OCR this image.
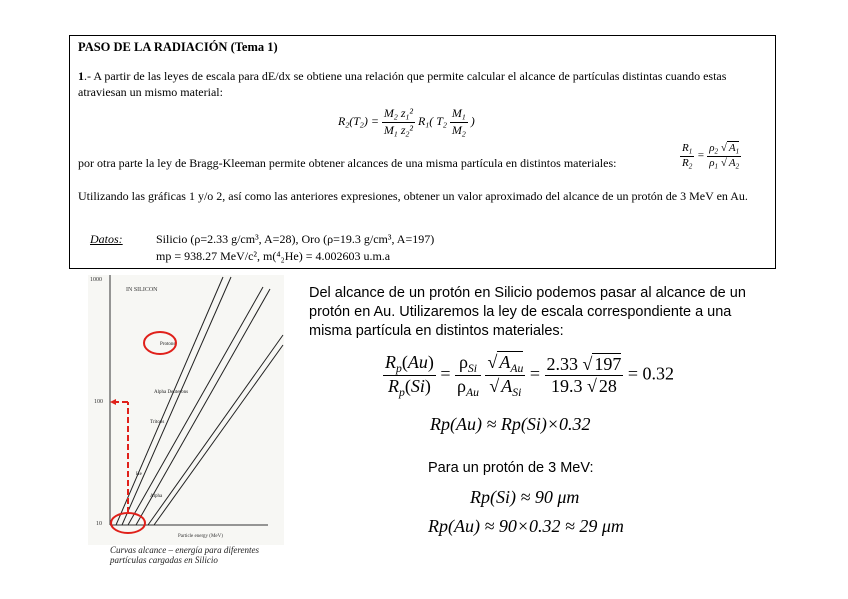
PASO DE LA RADIACIÓN (Tema 1)
1.- A partir de las leyes de escala para dE/dx se obtiene una relación que permite calcular el alcance de partículas distintas cuando estas atraviesan un mismo material:
$R_2(T_2) = \frac{M_2 z_1^2}{M_1 z_2^2} R_1$( $T_2 \frac{M_1}{M_2}$ )
por otra parte la ley de Bragg-Kleeman permite obtener alcances de una misma partícula en distintos materiales:	$\frac{R_1}{R_2} = \frac{\rho_2 √ A_1}{\rho_1 √ A_2}$
Utilizando las gráficas 1 y/o 2, así como las anteriores expresiones, obtener un valor aproximado del alcance de un protón de 3 MeV en Au.
Datos:	Silicio (ρ=2.33 g/cm³, A=28), Oro (ρ=19.3 g/cm³, A=197)
mp = 938.27 MeV/c², m(⁴₂He) = 4.002603 u.m.a
1000
100
10
IN SILICON
Particle energy (MeV)
Protons
Alpha Deuterons
Tritons
He
Alpha
Curvas alcance – energía para diferentes
partículas cargadas en Silicio
Del alcance de un protón en Silicio podemos pasar al alcance de un protón en Au. Utilizaremos la ley de escala correspondiente a una misma partícula en distintos materiales:
$\frac{R_p(Au)}{R_p(Si)} = \frac{\rho_{Si}}{\rho_{Au}}$
$\frac{√ A_{Au}}{√ A_{Si}} = \frac{2.33 √ 197}{19.3 √ 28} = 0.32$
Rp(Au) ≈ Rp(Si)×0.32
Para un protón de 3 MeV:
Rp(Si) ≈ 90 μm
Rp(Au) ≈ 90×0.32 ≈ 29 μm
